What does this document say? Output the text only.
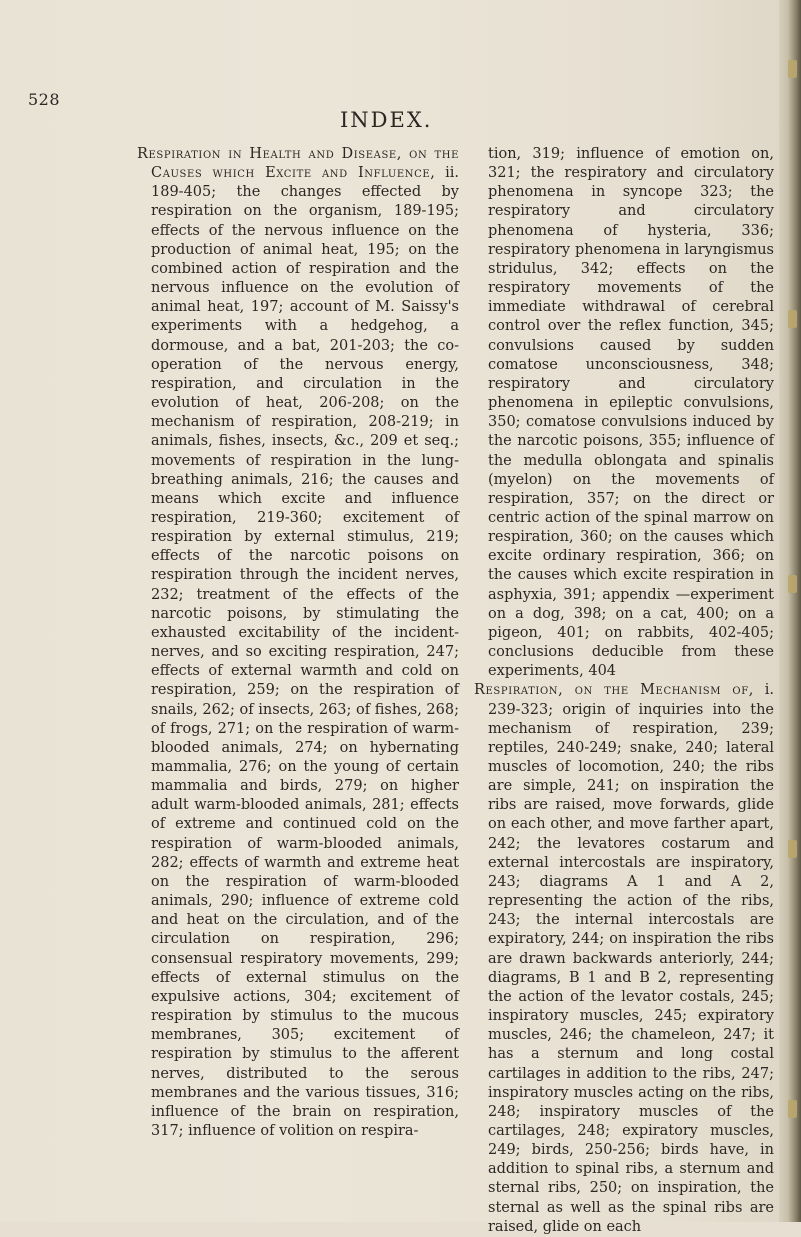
528
INDEX.

Respiration in Health and Disease, on the Causes which Excite and Influence, ii. 189-405; the changes effected by respiration on the organism, 189-195; effects of the nervous influence on the production of animal heat, 195; on the combined action of respiration and the nervous influence on the evolution of animal heat, 197; account of M. Saissy's experiments with a hedgehog, a dormouse, and a bat, 201-203; the co-operation of the nervous energy, respiration, and circulation in the evolution of heat, 206-208; on the mechanism of respiration, 208-219; in animals, fishes, insects, &c., 209 et seq.; movements of respiration in the lung-breathing animals, 216; the causes and means which excite and influence respiration, 219-360; excitement of respiration by external stimulus, 219; effects of the narcotic poisons on respiration through the incident nerves, 232; treatment of the effects of the narcotic poisons, by stimulating the exhausted excitability of the incident-nerves, and so exciting respiration, 247; effects of external warmth and cold on respiration, 259; on the respiration of snails, 262; of insects, 263; of fishes, 268; of frogs, 271; on the respiration of warm-blooded animals, 274; on hybernating mammalia, 276; on the young of certain mammalia and birds, 279; on higher adult warm-blooded animals, 281; effects of extreme and continued cold on the respiration of warm-blooded animals, 282; effects of warmth and extreme heat on the respiration of warm-blooded animals, 290; influence of extreme cold and heat on the circulation, and of the circulation on respiration, 296; consensual respiratory movements, 299; effects of external stimulus on the expulsive actions, 304; excitement of respiration by stimulus to the mucous membranes, 305; excitement of respiration by stimulus to the afferent nerves, distributed to the serous membranes and the various tissues, 316; influence of the brain on respiration, 317; influence of volition on respira-

tion, 319; influence of emotion on, 321; the respiratory and circulatory phenomena in syncope 323; the respiratory and circulatory phenomena of hysteria, 336; respiratory phenomena in laryngismus stridulus, 342; effects on the respiratory movements of the immediate withdrawal of cerebral control over the reflex function, 345; convulsions caused by sudden comatose unconsciousness, 348; respiratory and circulatory phenomena in epileptic convulsions, 350; comatose convulsions induced by the narcotic poisons, 355; influence of the medulla oblongata and spinalis (myelon) on the movements of respiration, 357; on the direct or centric action of the spinal marrow on respiration, 360; on the causes which excite ordinary respiration, 366; on the causes which excite respiration in asphyxia, 391; appendix —experiment on a dog, 398; on a cat, 400; on a pigeon, 401; on rabbits, 402-405; conclusions deducible from these experiments, 404

Respiration, on the Mechanism of, i. 239-323; origin of inquiries into the mechanism of respiration, 239; reptiles, 240-249; snake, 240; lateral muscles of locomotion, 240; the ribs are simple, 241; on inspiration the ribs are raised, move forwards, glide on each other, and move farther apart, 242; the levatores costarum and external intercostals are inspiratory, 243; diagrams A 1 and A 2, representing the action of the ribs, 243; the internal intercostals are expiratory, 244; on inspiration the ribs are drawn backwards anteriorly, 244; diagrams, B 1 and B 2, representing the action of the levator costals, 245; inspiratory muscles, 245; expiratory muscles, 246; the chameleon, 247; it has a sternum and long costal cartilages in addition to the ribs, 247; inspiratory muscles acting on the ribs, 248; inspiratory muscles of the cartilages, 248; expiratory muscles, 249; birds, 250-256; birds have, in addition to spinal ribs, a sternum and sternal ribs, 250; on inspiration, the sternal as well as the spinal ribs are raised, glide on each
